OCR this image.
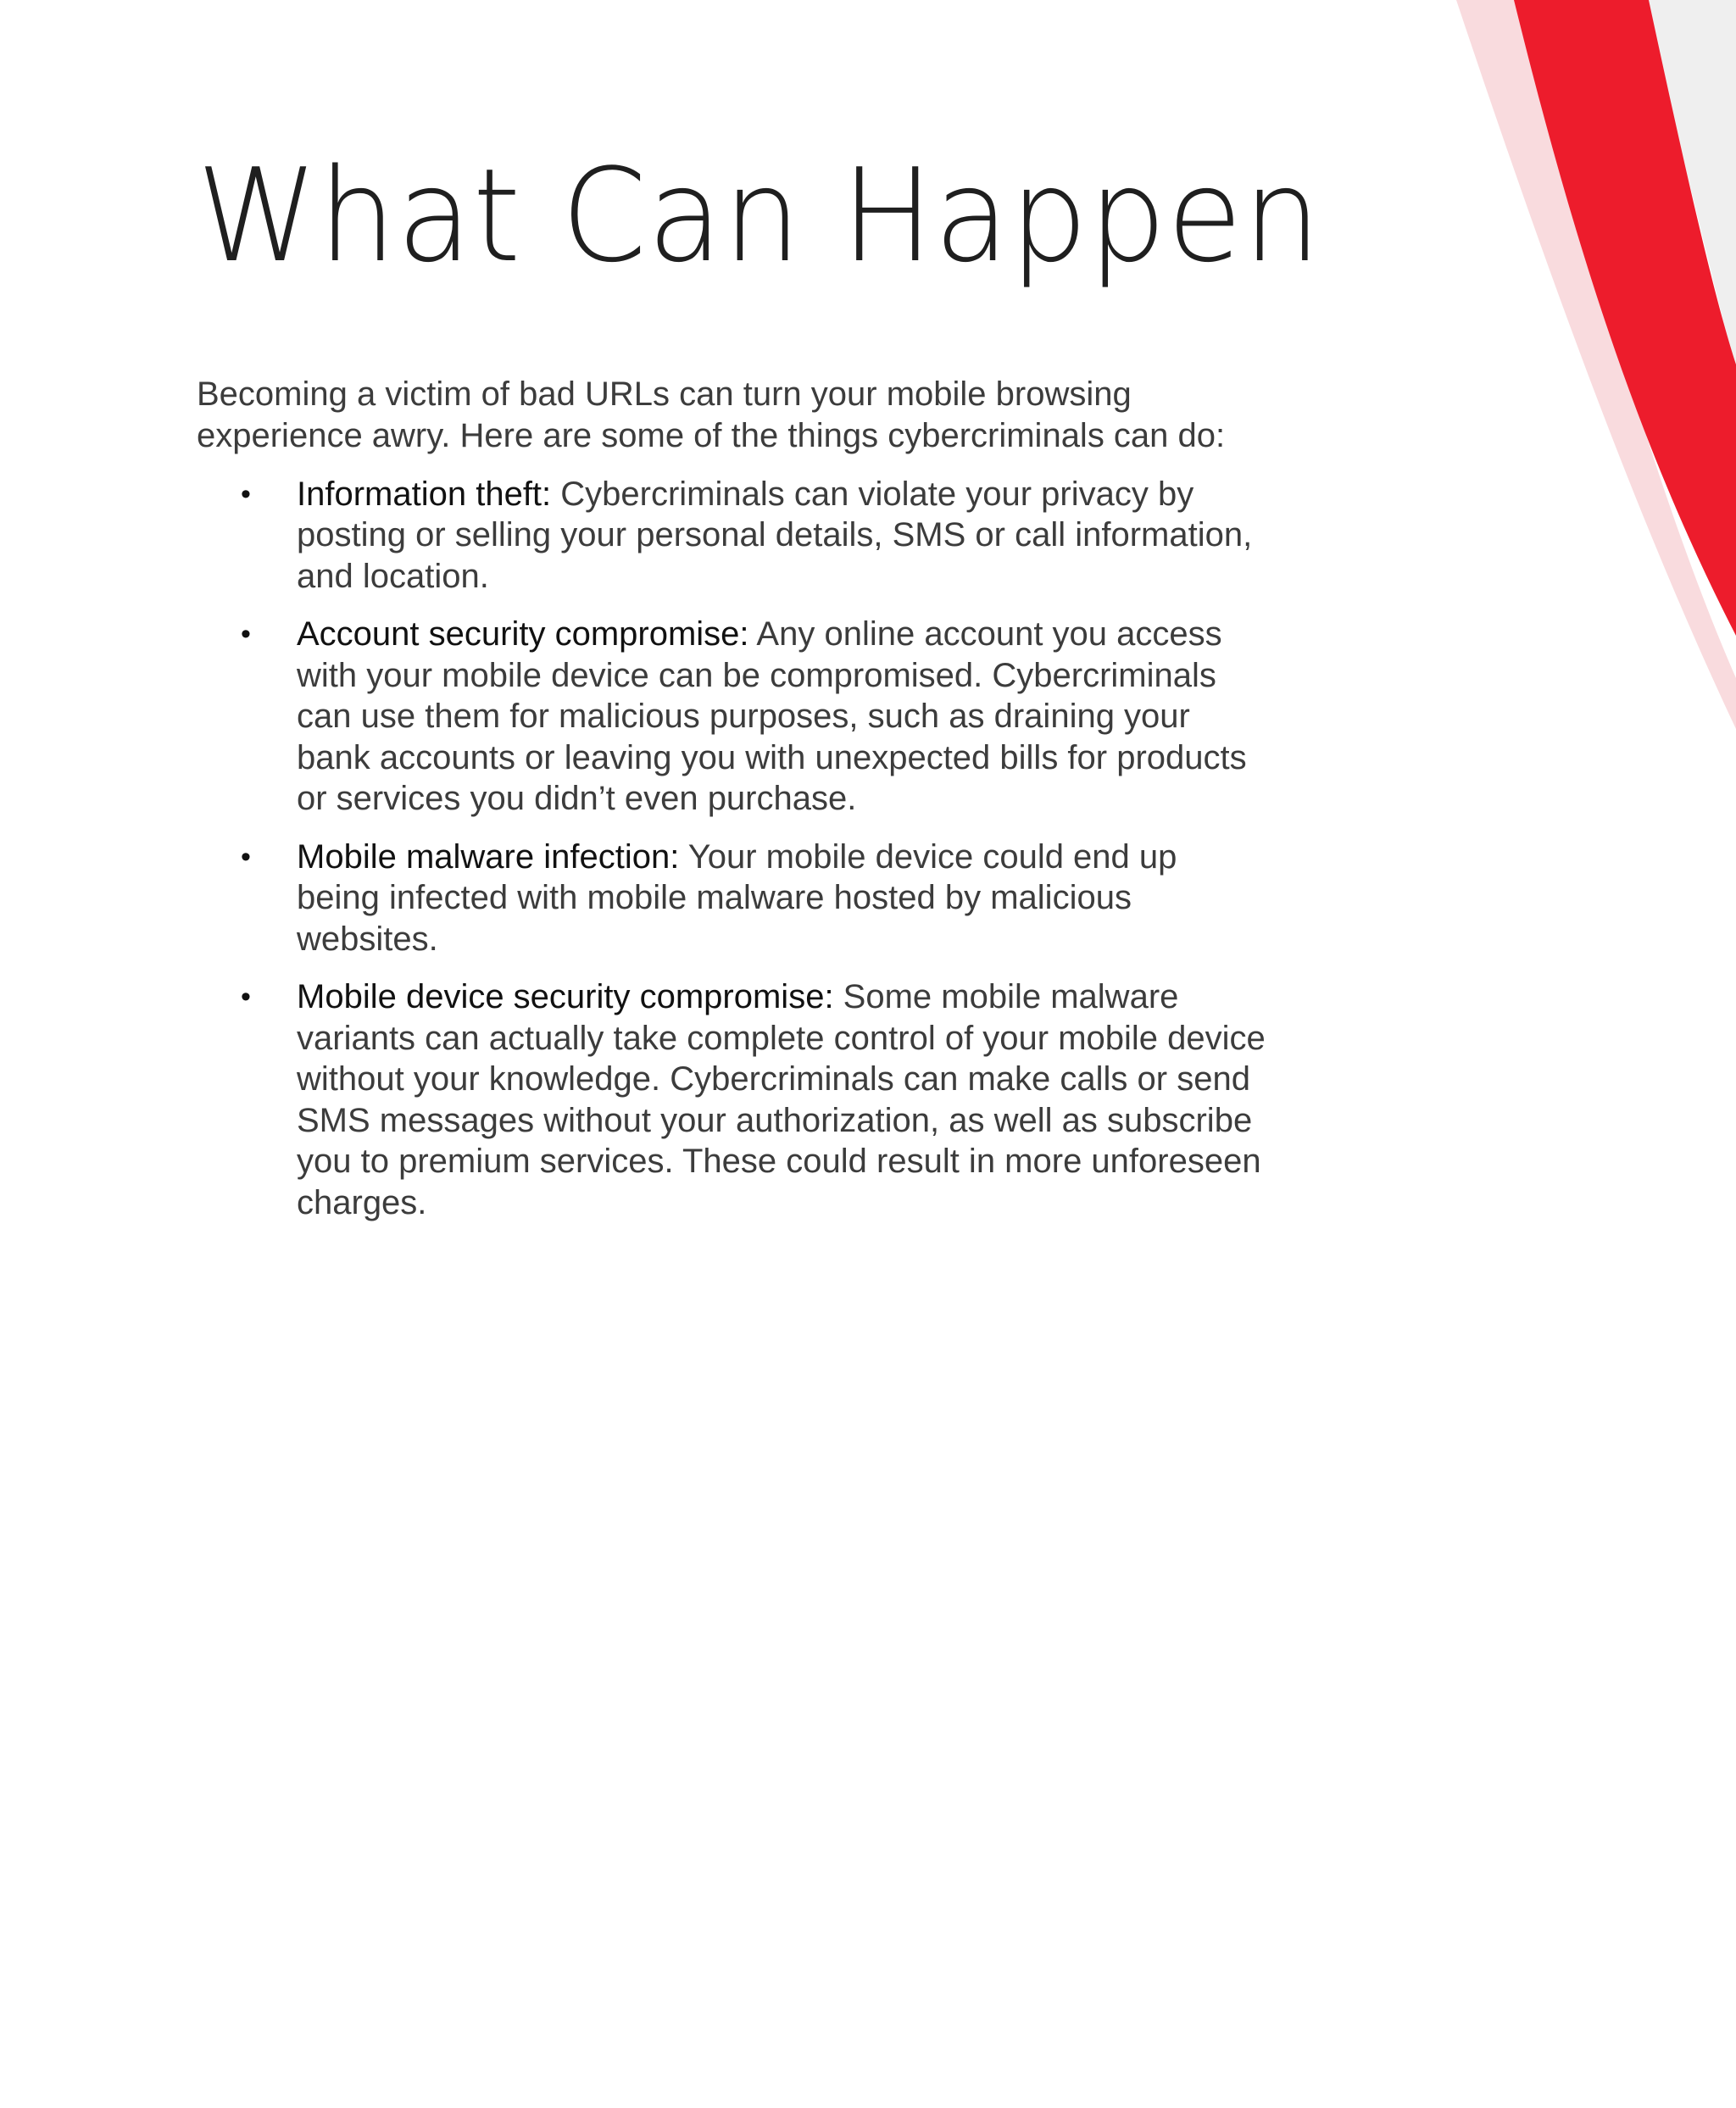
What Can Happen

Becoming a victim of bad URLs can turn your mobile browsing experience awry. Here are some of the things cybercriminals can do:

• Information theft: Cybercriminals can violate your privacy by posting or selling your personal details, SMS or call information, and location.
• Account security compromise: Any online account you access with your mobile device can be compromised. Cybercriminals can use them for malicious purposes, such as draining your bank accounts or leaving you with unexpected bills for products or services you didn’t even purchase.
• Mobile malware infection: Your mobile device could end up being infected with mobile malware hosted by malicious websites.
• Mobile device security compromise: Some mobile malware variants can actually take complete control of your mobile device without your knowledge. Cybercriminals can make calls or send SMS messages without your authorization, as well as subscribe you to premium services. These could result in more unforeseen charges.
